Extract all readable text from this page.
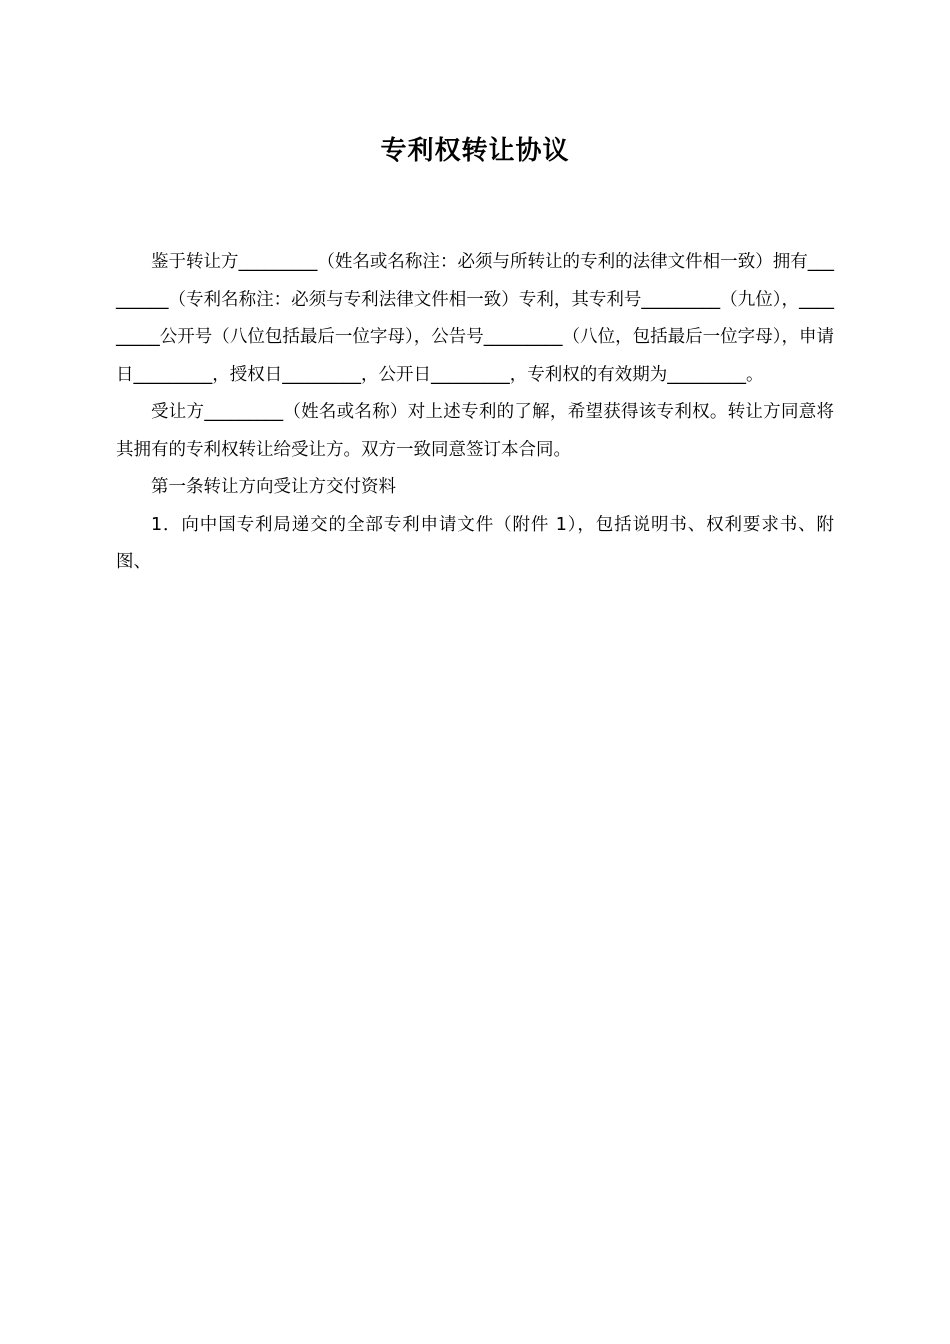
专利权转让协议

鉴于转让方_________（姓名或名称注：必须与所转让的专利的法律文件相一致）拥有_________（专利名称注：必须与专利法律文件相一致）专利，其专利号_________（九位），_________公开号（八位包括最后一位字母），公告号_________（八位，包括最后一位字母），申请日_________，授权日_________，公开日_________，专利权的有效期为_________。

受让方_________（姓名或名称）对上述专利的了解，希望获得该专利权。转让方同意将其拥有的专利权转让给受让方。双方一致同意签订本合同。

第一条转让方向受让方交付资料

1．向中国专利局递交的全部专利申请文件（附件 1），包括说明书、权利要求书、附图、
